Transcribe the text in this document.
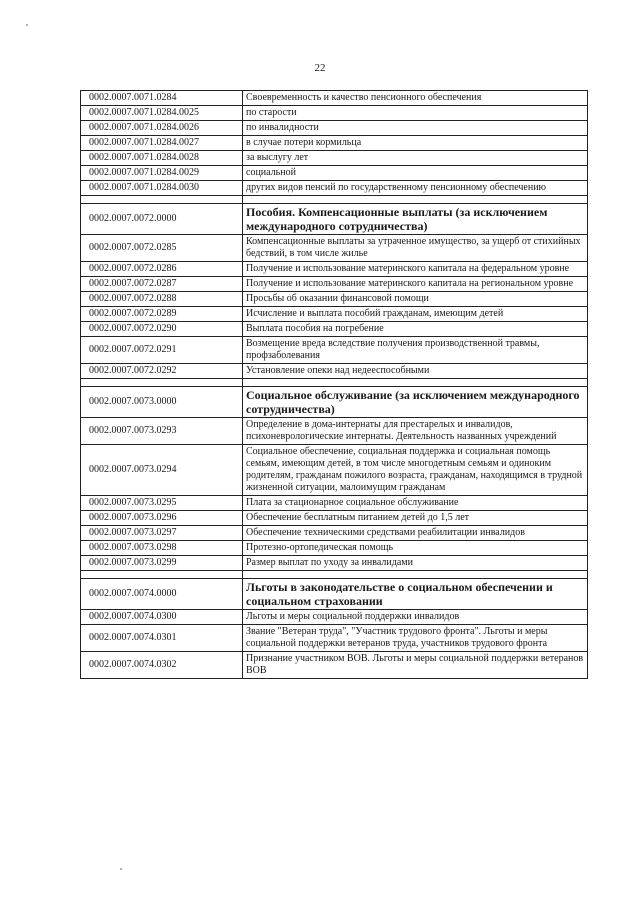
22
0002.0007.0071.0284	Своевременность и качество пенсионного обеспечения
0002.0007.0071.0284.0025	по старости
0002.0007.0071.0284.0026	по инвалидности
0002.0007.0071.0284.0027	в случае потери кормильца
0002.0007.0071.0284.0028	за выслугу лет
0002.0007.0071.0284.0029	социальной
0002.0007.0071.0284.0030	других видов пенсий по государственному пенсионному обеспечению

0002.0007.0072.0000	Пособия. Компенсационные выплаты (за исключением международного сотрудничества)
0002.0007.0072.0285	Компенсационные выплаты за утраченное имущество, за ущерб от стихийных бедствий, в том числе жилье
0002.0007.0072.0286	Получение и использование материнского капитала на федеральном уровне
0002.0007.0072.0287	Получение и использование материнского капитала на региональном уровне
0002.0007.0072.0288	Просьбы об оказании финансовой помощи
0002.0007.0072.0289	Исчисление и выплата пособий гражданам, имеющим детей
0002.0007.0072.0290	Выплата пособия на погребение
0002.0007.0072.0291	Возмещение вреда вследствие получения производственной травмы, профзаболевания
0002.0007.0072.0292	Установление опеки над недееспособными

0002.0007.0073.0000	Социальное обслуживание (за исключением международного сотрудничества)
0002.0007.0073.0293	Определение в дома-интернаты для престарелых и инвалидов, психоневрологические интернаты. Деятельность названных учреждений
0002.0007.0073.0294	Социальное обеспечение, социальная поддержка и социальная помощь семьям, имеющим детей, в том числе многодетным семьям и одиноким родителям, гражданам пожилого возраста, гражданам, находящимся в трудной жизненной ситуации, малоимущим гражданам
0002.0007.0073.0295	Плата за стационарное социальное обслуживание
0002.0007.0073.0296	Обеспечение бесплатным питанием детей до 1,5 лет
0002.0007.0073.0297	Обеспечение техническими средствами реабилитации инвалидов
0002.0007.0073.0298	Протезно-ортопедическая помощь
0002.0007.0073.0299	Размер выплат по уходу за инвалидами

0002.0007.0074.0000	Льготы в законодательстве о социальном обеспечении и социальном страховании
0002.0007.0074.0300	Льготы и меры социальной поддержки инвалидов
0002.0007.0074.0301	Звание "Ветеран труда", "Участник трудового фронта". Льготы и меры социальной поддержки ветеранов труда, участников трудового фронта
0002.0007.0074.0302	Признание участником ВОВ. Льготы и меры социальной поддержки ветеранов ВОВ
